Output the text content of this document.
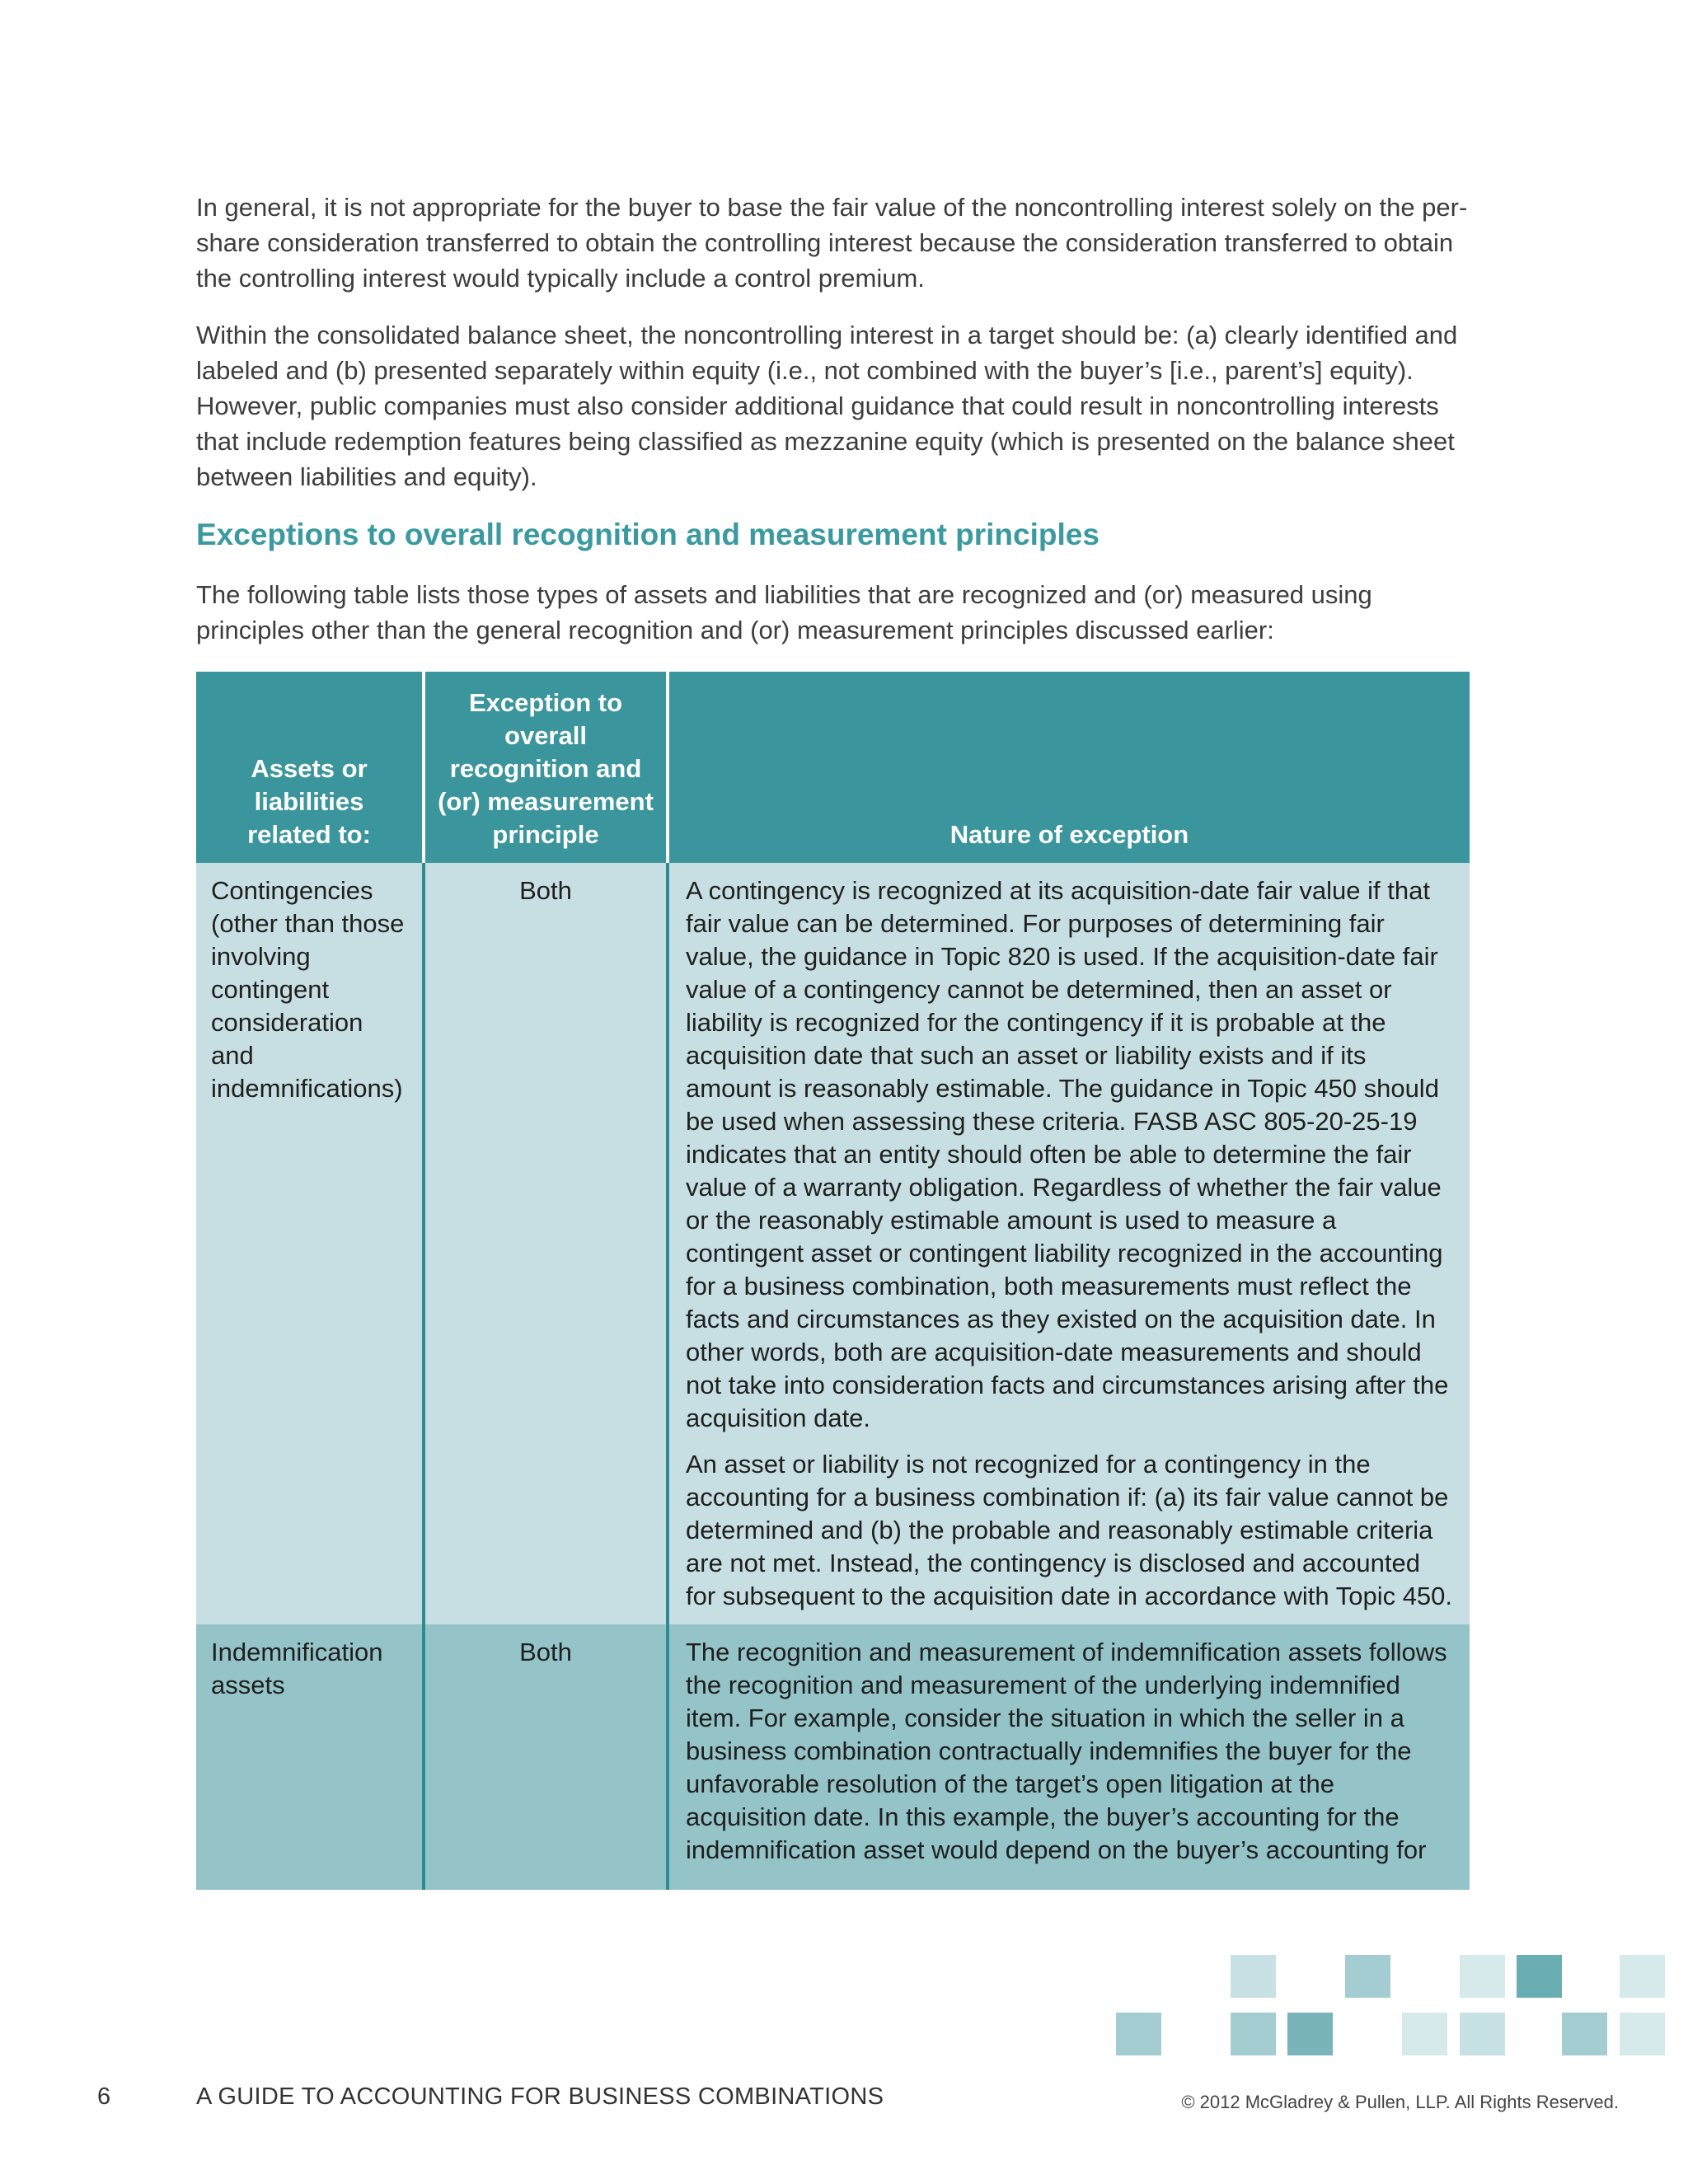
In general, it is not appropriate for the buyer to base the fair value of the noncontrolling interest solely on the per-share consideration transferred to obtain the controlling interest because the consideration transferred to obtain the controlling interest would typically include a control premium.

Within the consolidated balance sheet, the noncontrolling interest in a target should be: (a) clearly identified and labeled and (b) presented separately within equity (i.e., not combined with the buyer’s [i.e., parent’s] equity). However, public companies must also consider additional guidance that could result in noncontrolling interests that include redemption features being classified as mezzanine equity (which is presented on the balance sheet between liabilities and equity).

Exceptions to overall recognition and measurement principles

The following table lists those types of assets and liabilities that are recognized and (or) measured using principles other than the general recognition and (or) measurement principles discussed earlier:

Assets or liabilities related to:	Exception to overall recognition and (or) measurement principle	Nature of exception
Contingencies (other than those involving contingent consideration and indemnifications)	Both	A contingency is recognized at its acquisition-date fair value if that fair value can be determined. For purposes of determining fair value, the guidance in Topic 820 is used. If the acquisition-date fair value of a contingency cannot be determined, then an asset or liability is recognized for the contingency if it is probable at the acquisition date that such an asset or liability exists and if its amount is reasonably estimable. The guidance in Topic 450 should be used when assessing these criteria. FASB ASC 805-20-25-19 indicates that an entity should often be able to determine the fair value of a warranty obligation. Regardless of whether the fair value or the reasonably estimable amount is used to measure a contingent asset or contingent liability recognized in the accounting for a business combination, both measurements must reflect the facts and circumstances as they existed on the acquisition date. In other words, both are acquisition-date measurements and should not take into consideration facts and circumstances arising after the acquisition date.

An asset or liability is not recognized for a contingency in the accounting for a business combination if: (a) its fair value cannot be determined and (b) the probable and reasonably estimable criteria are not met. Instead, the contingency is disclosed and accounted for subsequent to the acquisition date in accordance with Topic 450.

Indemnification assets	Both	The recognition and measurement of indemnification assets follows the recognition and measurement of the underlying indemnified item. For example, consider the situation in which the seller in a business combination contractually indemnifies the buyer for the unfavorable resolution of the target’s open litigation at the acquisition date. In this example, the buyer’s accounting for the indemnification asset would depend on the buyer’s accounting for

6	A GUIDE TO ACCOUNTING FOR BUSINESS COMBINATIONS	© 2012 McGladrey & Pullen, LLP. All Rights Reserved.
